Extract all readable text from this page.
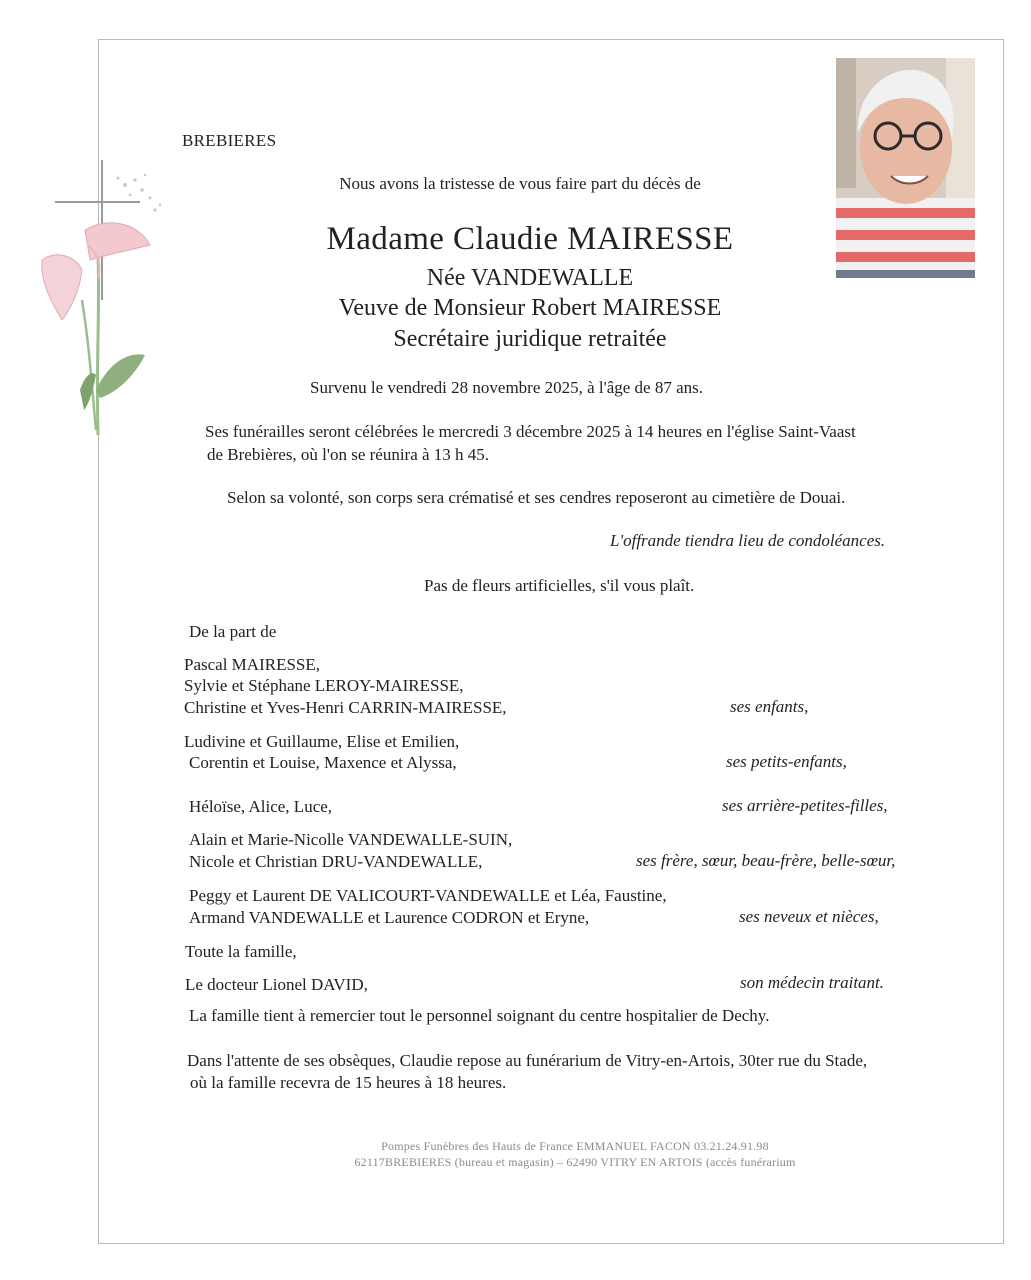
BREBIERES
Nous avons la tristesse de vous faire part du décès de
Madame Claudie MAIRESSE
Née VANDEWALLE
Veuve de Monsieur Robert MAIRESSE
Secrétaire juridique retraitée
Survenu le vendredi 28 novembre 2025, à l'âge de 87 ans.
Ses funérailles seront célébrées le mercredi 3 décembre 2025 à 14 heures en l'église Saint-Vaast
de Brebières, où l'on se réunira à 13 h 45.
Selon sa volonté, son corps sera crématisé et ses cendres reposeront au cimetière de Douai.
L'offrande tiendra lieu de condoléances.
Pas de fleurs artificielles, s'il vous plaît.
De la part de
Pascal MAIRESSE,
Sylvie et Stéphane LEROY-MAIRESSE,
Christine et Yves-Henri CARRIN-MAIRESSE,	ses enfants,
Ludivine et Guillaume, Elise et Emilien,
Corentin et Louise, Maxence et Alyssa,	ses petits-enfants,
Héloïse, Alice, Luce,	ses arrière-petites-filles,
Alain et Marie-Nicolle VANDEWALLE-SUIN,
Nicole et Christian DRU-VANDEWALLE,	ses frère, sœur, beau-frère, belle-sœur,
Peggy et Laurent DE VALICOURT-VANDEWALLE et Léa, Faustine,
Armand VANDEWALLE et Laurence CODRON et Eryne,	ses neveux et nièces,
Toute la famille,
Le docteur Lionel DAVID,	son médecin traitant.
La famille tient à remercier tout le personnel soignant du centre hospitalier de Dechy.
Dans l'attente de ses obsèques, Claudie repose au funérarium de Vitry-en-Artois, 30ter rue du Stade,
où la famille recevra de 15 heures à 18 heures.
Pompes Funèbres des Hauts de France EMMANUEL FACON 03.21.24.91.98
62117BREBIERES (bureau et magasin) – 62490 VITRY EN ARTOIS (accès funérarium
